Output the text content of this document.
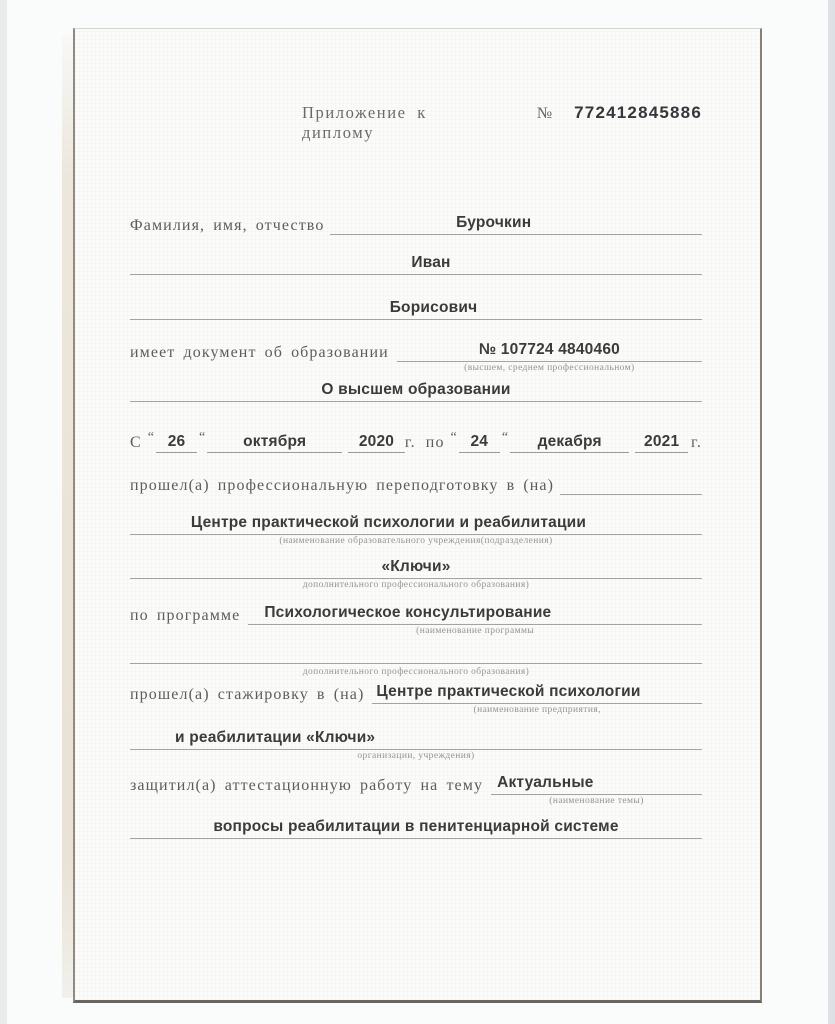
Приложение к диплому
№ 772412845886
Фамилия, имя, отчество	Бурочкин
Иван
Борисович
имеет документ об образовании	№ 107724 4840460
(высшем, среднем профессиональном)
О высшем образовании
С “ 26 “	октября	2020 г. по “ 24 “	декабря	2021 г.
прошел(а) профессиональную переподготовку в (на)
Центре практической психологии и реабилитации
(наименование образовательного учреждения(подразделения)
«Ключи»
дополнительного профессионального образования)
по программе	Психологическое консультирование
(наименование программы
дополнительного профессионального образования)
прошел(а) стажировку в (на) Центре практической психологии
(наименование предприятия,
и реабилитации «Ключи»
организации, учреждения)
защитил(а) аттестационную работу на тему Актуальные
(наименование темы)
вопросы реабилитации в пенитенциарной системе
